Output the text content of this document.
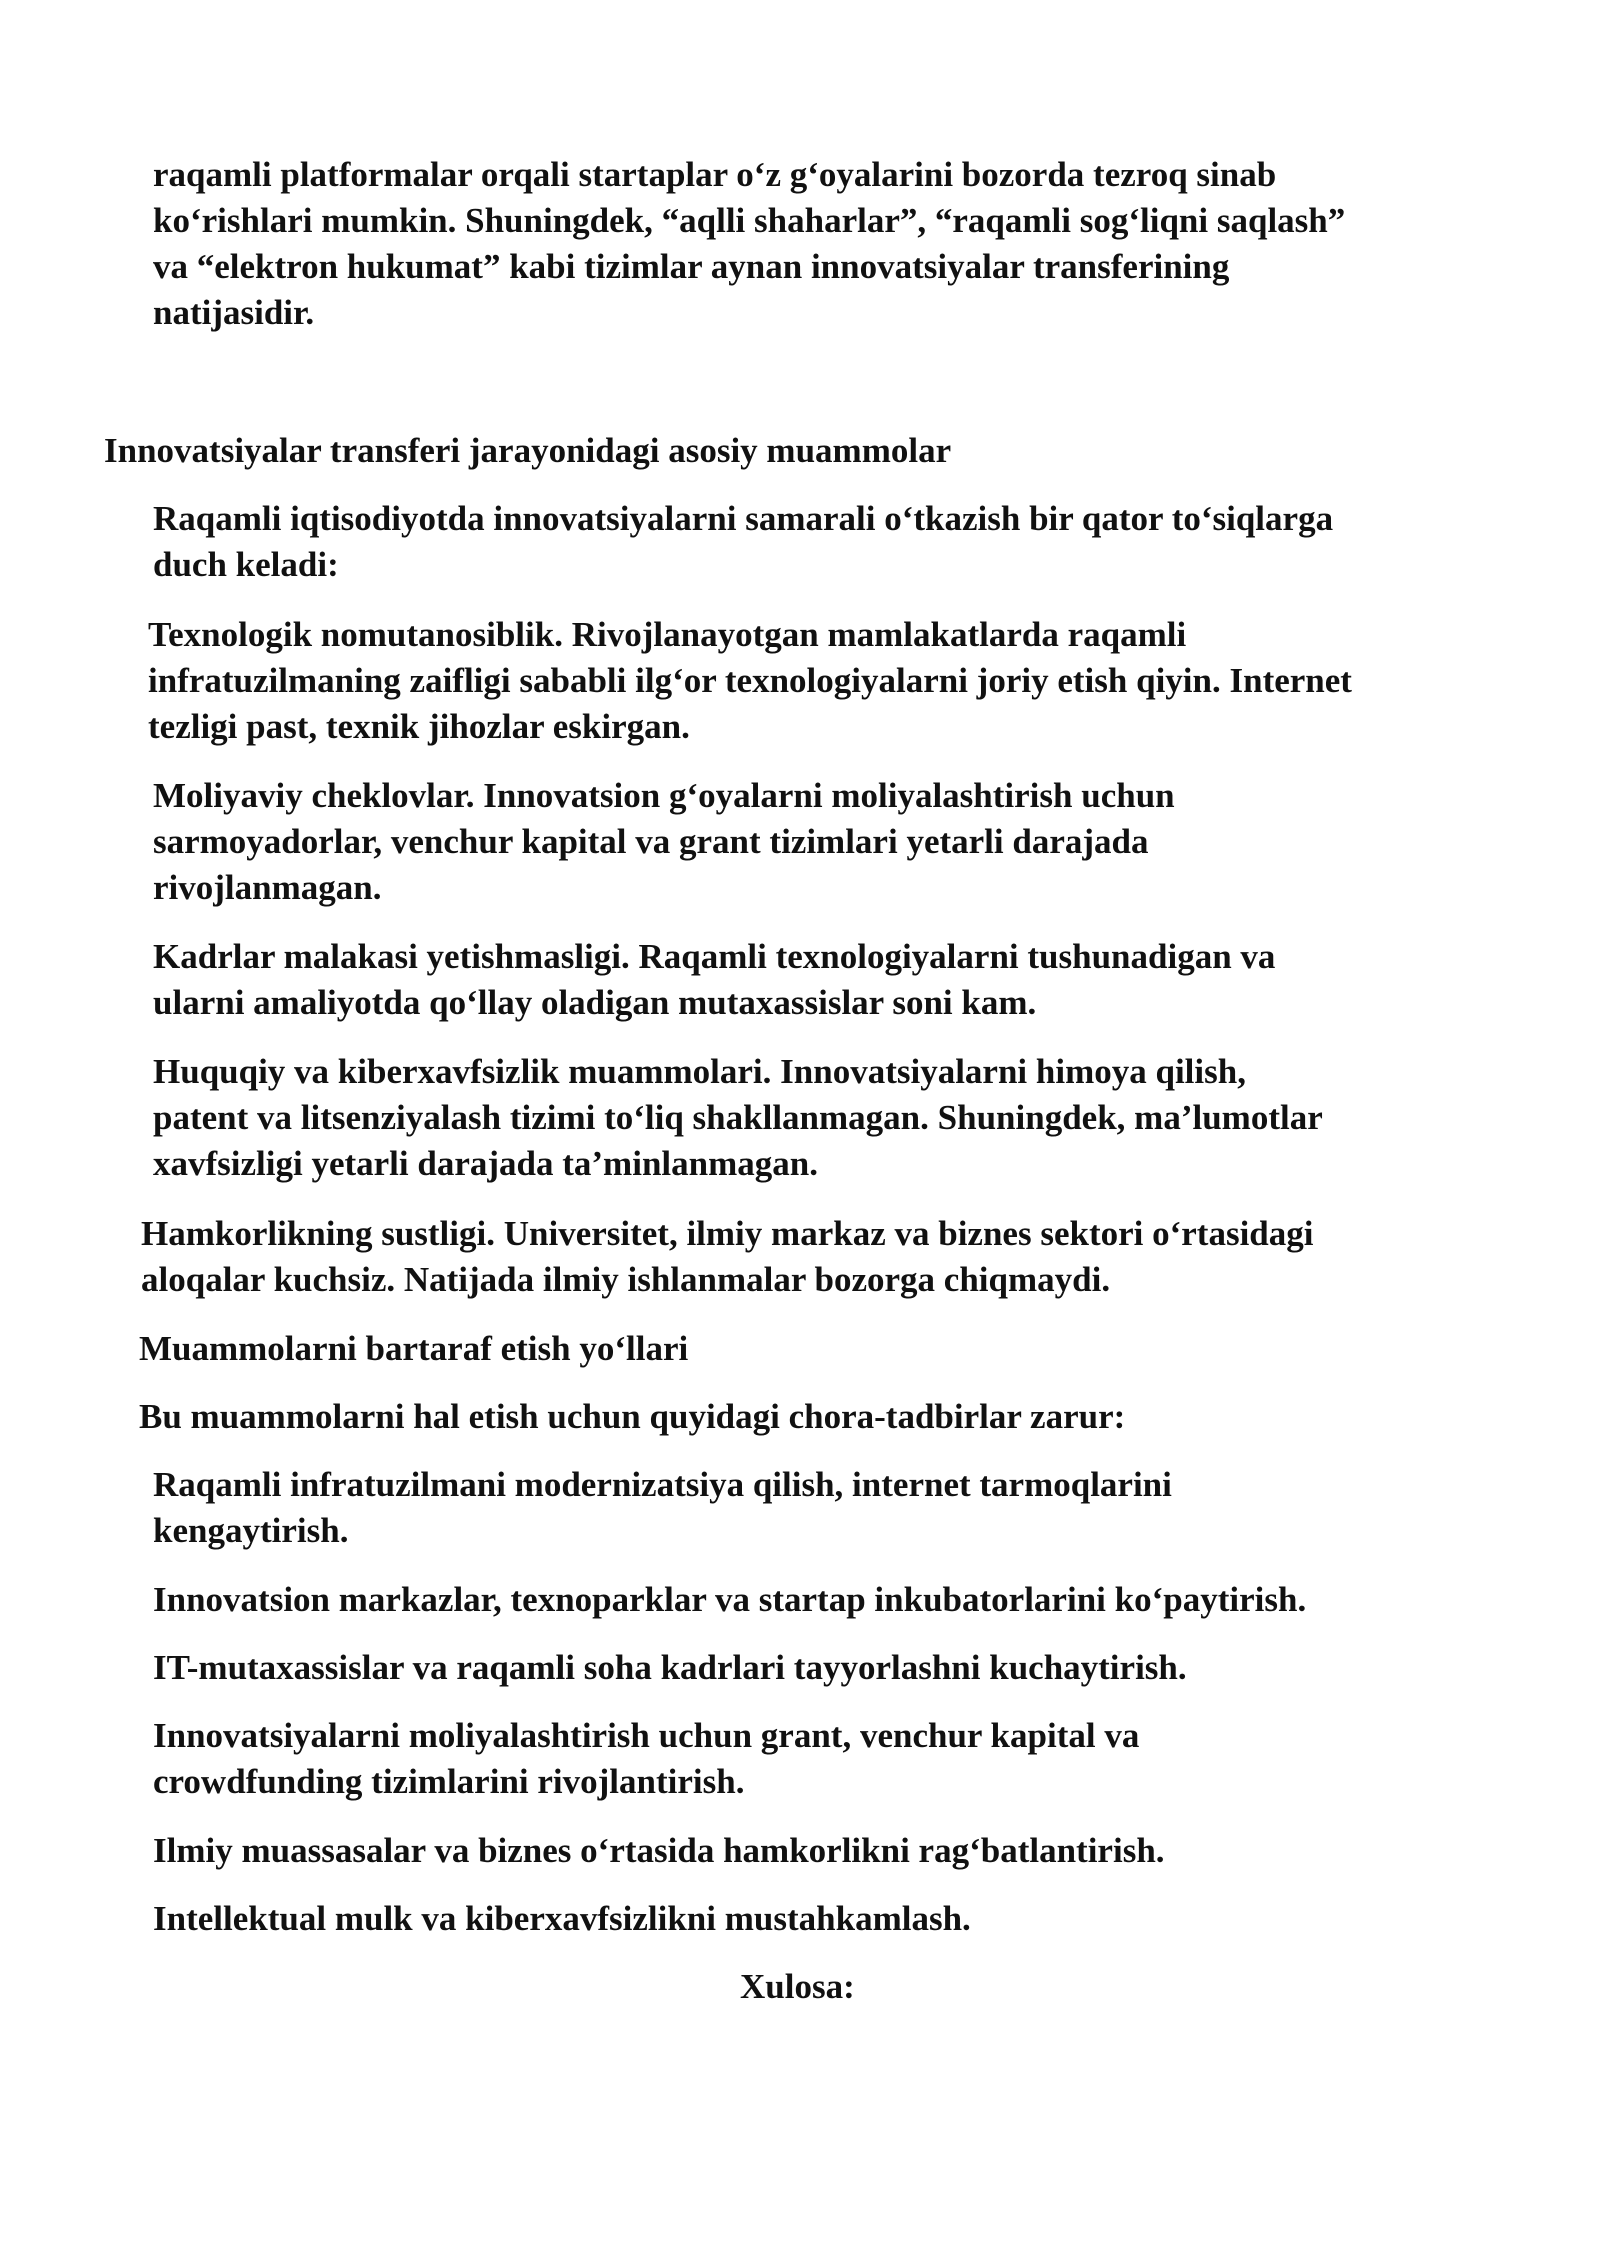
raqamli platformalar orqali startaplar o‘z g‘oyalarini bozorda tezroq sinab
ko‘rishlari mumkin. Shuningdek, “aqlli shaharlar”, “raqamli sog‘liqni saqlash”
va “elektron hukumat” kabi tizimlar aynan innovatsiyalar transferining
natijasidir.

Innovatsiyalar transferi jarayonidagi asosiy muammolar

Raqamli iqtisodiyotda innovatsiyalarni samarali o‘tkazish bir qator to‘siqlarga
duch keladi:

Texnologik nomutanosiblik. Rivojlanayotgan mamlakatlarda raqamli
infratuzilmaning zaifligi sababli ilg‘or texnologiyalarni joriy etish qiyin. Internet
tezligi past, texnik jihozlar eskirgan.

Moliyaviy cheklovlar. Innovatsion g‘oyalarni moliyalashtirish uchun
sarmoyadorlar, venchur kapital va grant tizimlari yetarli darajada
rivojlanmagan.

Kadrlar malakasi yetishmasligi. Raqamli texnologiyalarni tushunadigan va
ularni amaliyotda qo‘llay oladigan mutaxassislar soni kam.

Huquqiy va kiberxavfsizlik muammolari. Innovatsiyalarni himoya qilish,
patent va litsenziyalash tizimi to‘liq shakllanmagan. Shuningdek, ma’lumotlar
xavfsizligi yetarli darajada ta’minlanmagan.

Hamkorlikning sustligi. Universitet, ilmiy markaz va biznes sektori o‘rtasidagi
aloqalar kuchsiz. Natijada ilmiy ishlanmalar bozorga chiqmaydi.

Muammolarni bartaraf etish yo‘llari

Bu muammolarni hal etish uchun quyidagi chora-tadbirlar zarur:

Raqamli infratuzilmani modernizatsiya qilish, internet tarmoqlarini
kengaytirish.

Innovatsion markazlar, texnoparklar va startap inkubatorlarini ko‘paytirish.

IT-mutaxassislar va raqamli soha kadrlari tayyorlashni kuchaytirish.

Innovatsiyalarni moliyalashtirish uchun grant, venchur kapital va
crowdfunding tizimlarini rivojlantirish.

Ilmiy muassasalar va biznes o‘rtasida hamkorlikni rag‘batlantirish.

Intellektual mulk va kiberxavfsizlikni mustahkamlash.

Xulosa:
